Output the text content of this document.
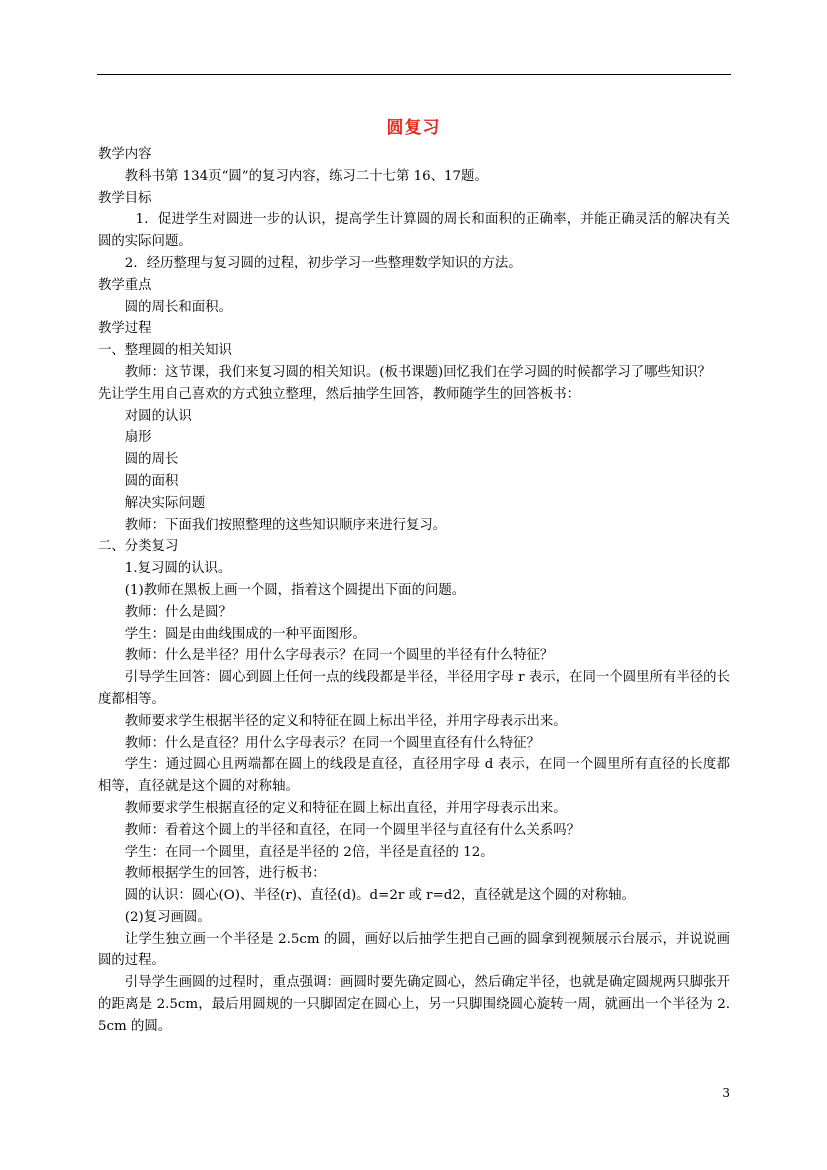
圆复习

教学内容

教科书第 134页“圆”的复习内容，练习二十七第 16、17题。

教学目标

1．促进学生对圆进一步的认识，提高学生计算圆的周长和面积的正确率，并能正确灵活的解决有关圆的实际问题。

2．经历整理与复习圆的过程，初步学习一些整理数学知识的方法。

教学重点

圆的周长和面积。

教学过程

一、整理圆的相关知识

教师：这节课，我们来复习圆的相关知识。(板书课题)回忆我们在学习圆的时候都学习了哪些知识？

先让学生用自己喜欢的方式独立整理，然后抽学生回答，教师随学生的回答板书：

对圆的认识

扇形

圆的周长

圆的面积

解决实际问题

教师：下面我们按照整理的这些知识顺序来进行复习。

二、分类复习

1.复习圆的认识。

(1)教师在黑板上画一个圆，指着这个圆提出下面的问题。

教师：什么是圆？

学生：圆是由曲线围成的一种平面图形。

教师：什么是半径？用什么字母表示？在同一个圆里的半径有什么特征？

引导学生回答：圆心到圆上任何一点的线段都是半径，半径用字母 r 表示，在同一个圆里所有半径的长度都相等。

教师要求学生根据半径的定义和特征在圆上标出半径，并用字母表示出来。

教师：什么是直径？用什么字母表示？在同一个圆里直径有什么特征？

学生：通过圆心且两端都在圆上的线段是直径，直径用字母 d 表示，在同一个圆里所有直径的长度都相等，直径就是这个圆的对称轴。

教师要求学生根据直径的定义和特征在圆上标出直径，并用字母表示出来。

教师：看着这个圆上的半径和直径，在同一个圆里半径与直径有什么关系吗？

学生：在同一个圆里，直径是半径的 2倍，半径是直径的 12。

教师根据学生的回答，进行板书：

圆的认识：圆心(O)、半径(r)、直径(d)。d=2r 或 r=d2，直径就是这个圆的对称轴。

(2)复习画圆。

让学生独立画一个半径是 2.5cm 的圆，画好以后抽学生把自己画的圆拿到视频展示台展示，并说说画圆的过程。

引导学生画圆的过程时，重点强调：画圆时要先确定圆心，然后确定半径，也就是确定圆规两只脚张开的距离是 2.5cm，最后用圆规的一只脚固定在圆心上，另一只脚围绕圆心旋转一周，就画出一个半径为 2.5cm 的圆。

3
